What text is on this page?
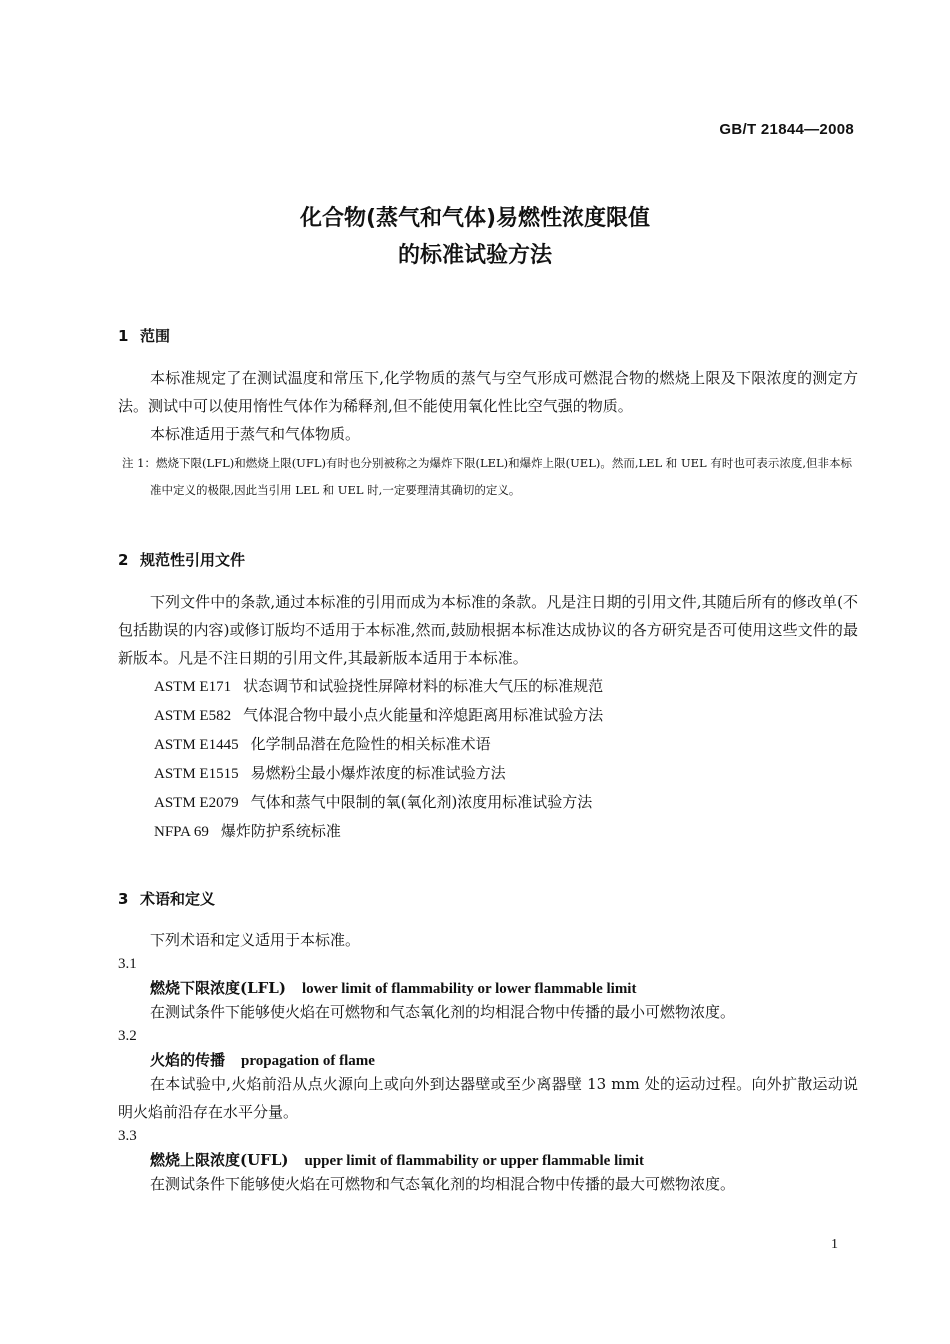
GB/T 21844—2008
化合物(蒸气和气体)易燃性浓度限值
的标准试验方法
1 范围
本标准规定了在测试温度和常压下,化学物质的蒸气与空气形成可燃混合物的燃烧上限及下限浓度的测定方法。测试中可以使用惰性气体作为稀释剂,但不能使用氧化性比空气强的物质。
本标准适用于蒸气和气体物质。
注 1：燃烧下限(LFL)和燃烧上限(UFL)有时也分别被称之为爆炸下限(LEL)和爆炸上限(UEL)。然而,LEL 和 UEL 有时也可表示浓度,但非本标准中定义的极限,因此当引用 LEL 和 UEL 时,一定要理清其确切的定义。
2 规范性引用文件
下列文件中的条款,通过本标准的引用而成为本标准的条款。凡是注日期的引用文件,其随后所有的修改单(不包括勘误的内容)或修订版均不适用于本标准,然而,鼓励根据本标准达成协议的各方研究是否可使用这些文件的最新版本。凡是不注日期的引用文件,其最新版本适用于本标准。
ASTM E171 状态调节和试验挠性屏障材料的标准大气压的标准规范
ASTM E582 气体混合物中最小点火能量和淬熄距离用标准试验方法
ASTM E1445 化学制品潜在危险性的相关标准术语
ASTM E1515 易燃粉尘最小爆炸浓度的标准试验方法
ASTM E2079 气体和蒸气中限制的氧(氧化剂)浓度用标准试验方法
NFPA 69 爆炸防护系统标准
3 术语和定义
下列术语和定义适用于本标准。
3.1
燃烧下限浓度(LFL) lower limit of flammability or lower flammable limit
在测试条件下能够使火焰在可燃物和气态氧化剂的均相混合物中传播的最小可燃物浓度。
3.2
火焰的传播 propagation of flame
在本试验中,火焰前沿从点火源向上或向外到达器壁或至少离器壁 13 mm 处的运动过程。向外扩散运动说明火焰前沿存在水平分量。
3.3
燃烧上限浓度(UFL) upper limit of flammability or upper flammable limit
在测试条件下能够使火焰在可燃物和气态氧化剂的均相混合物中传播的最大可燃物浓度。
1
